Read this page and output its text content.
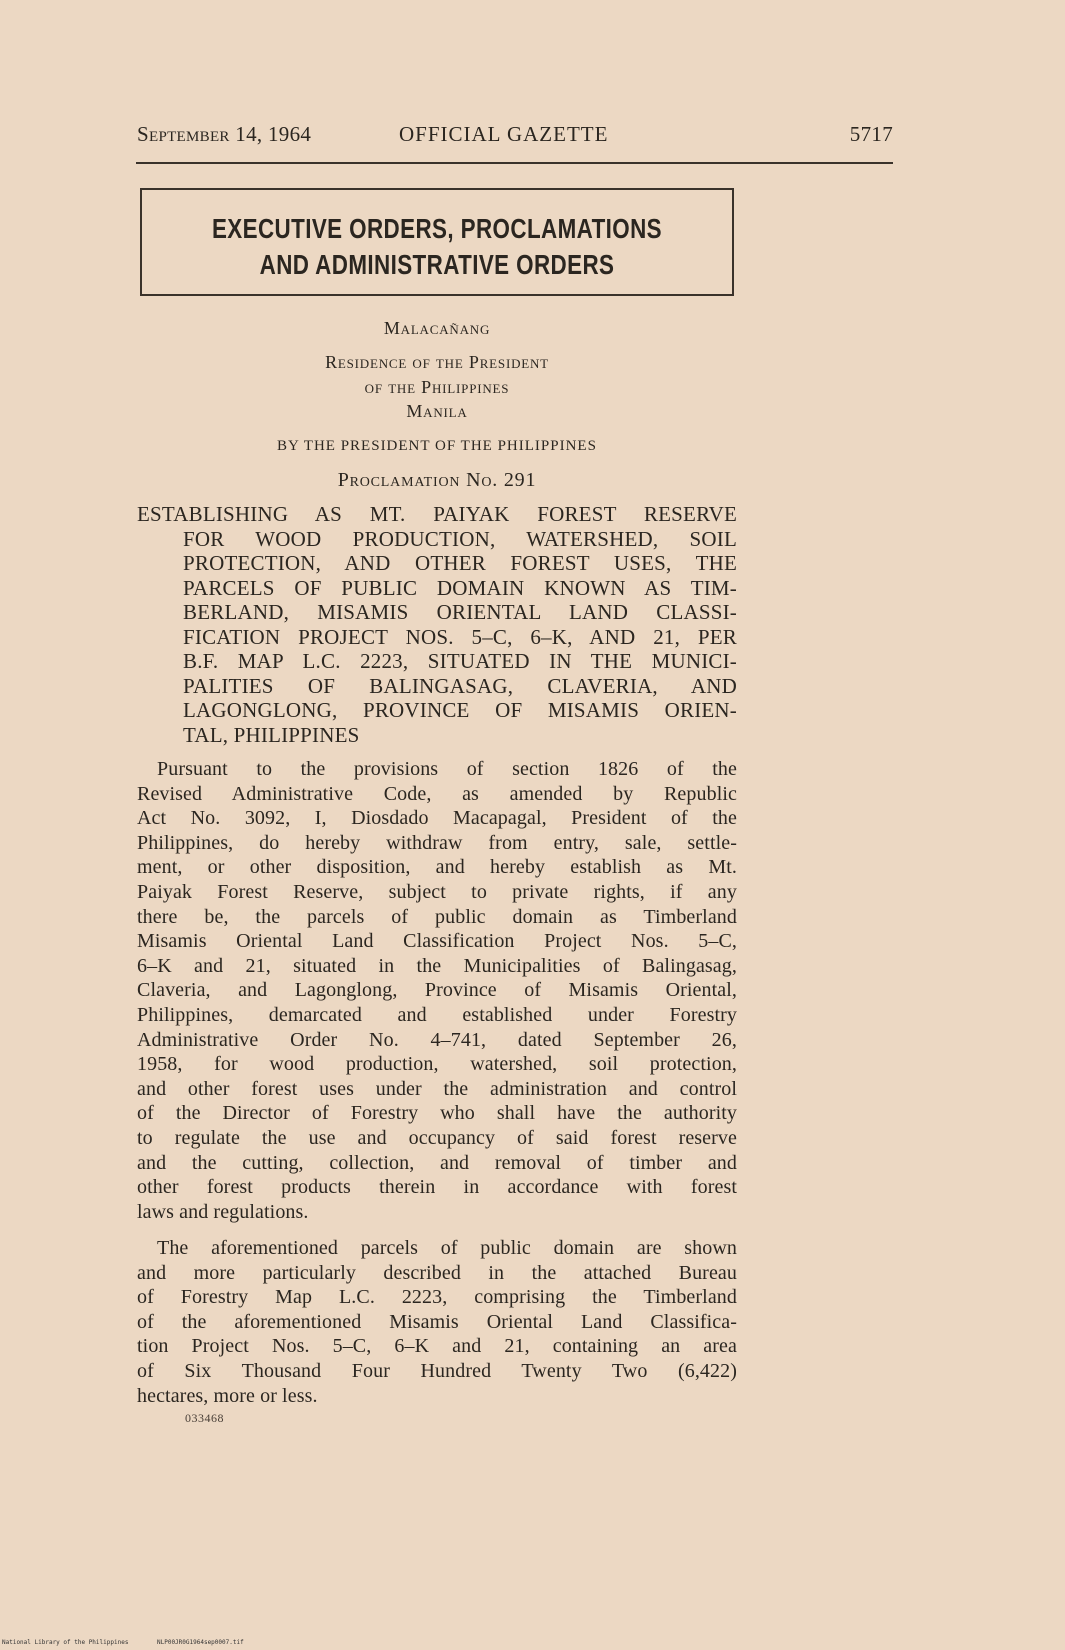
September 14, 1964	OFFICIAL GAZETTE	5717
EXECUTIVE ORDERS, PROCLAMATIONS
AND ADMINISTRATIVE ORDERS
Malacañang
Residence of the President
of the Philippines
Manila
BY THE PRESIDENT OF THE PHILIPPINES
Proclamation No. 291
ESTABLISHING AS MT. PAIYAK FOREST RESERVE
FOR WOOD PRODUCTION, WATERSHED, SOIL
PROTECTION, AND OTHER FOREST USES, THE
PARCELS OF PUBLIC DOMAIN KNOWN AS TIM-
BERLAND, MISAMIS ORIENTAL LAND CLASSI-
FICATION PROJECT NOS. 5–C, 6–K, AND 21, PER
B.F. MAP L.C. 2223, SITUATED IN THE MUNICI-
PALITIES OF BALINGASAG, CLAVERIA, AND
LAGONGLONG, PROVINCE OF MISAMIS ORIEN-
TAL, PHILIPPINES
Pursuant to the provisions of section 1826 of the
Revised Administrative Code, as amended by Republic
Act No. 3092, I, Diosdado Macapagal, President of the
Philippines, do hereby withdraw from entry, sale, settle-
ment, or other disposition, and hereby establish as Mt.
Paiyak Forest Reserve, subject to private rights, if any
there be, the parcels of public domain as Timberland
Misamis Oriental Land Classification Project Nos. 5–C,
6–K and 21, situated in the Municipalities of Balingasag,
Claveria, and Lagonglong, Province of Misamis Oriental,
Philippines, demarcated and established under Forestry
Administrative Order No. 4–741, dated September 26,
1958, for wood production, watershed, soil protection,
and other forest uses under the administration and control
of the Director of Forestry who shall have the authority
to regulate the use and occupancy of said forest reserve
and the cutting, collection, and removal of timber and
other forest products therein in accordance with forest
laws and regulations.
The aforementioned parcels of public domain are shown
and more particularly described in the attached Bureau
of Forestry Map L.C. 2223, comprising the Timberland
of the aforementioned Misamis Oriental Land Classifica-
tion Project Nos. 5–C, 6–K and 21, containing an area
of Six Thousand Four Hundred Twenty Two (6,422)
hectares, more or less.
033468
National Library of the Philippines	NLP00JR0G1964sep0007.tif
